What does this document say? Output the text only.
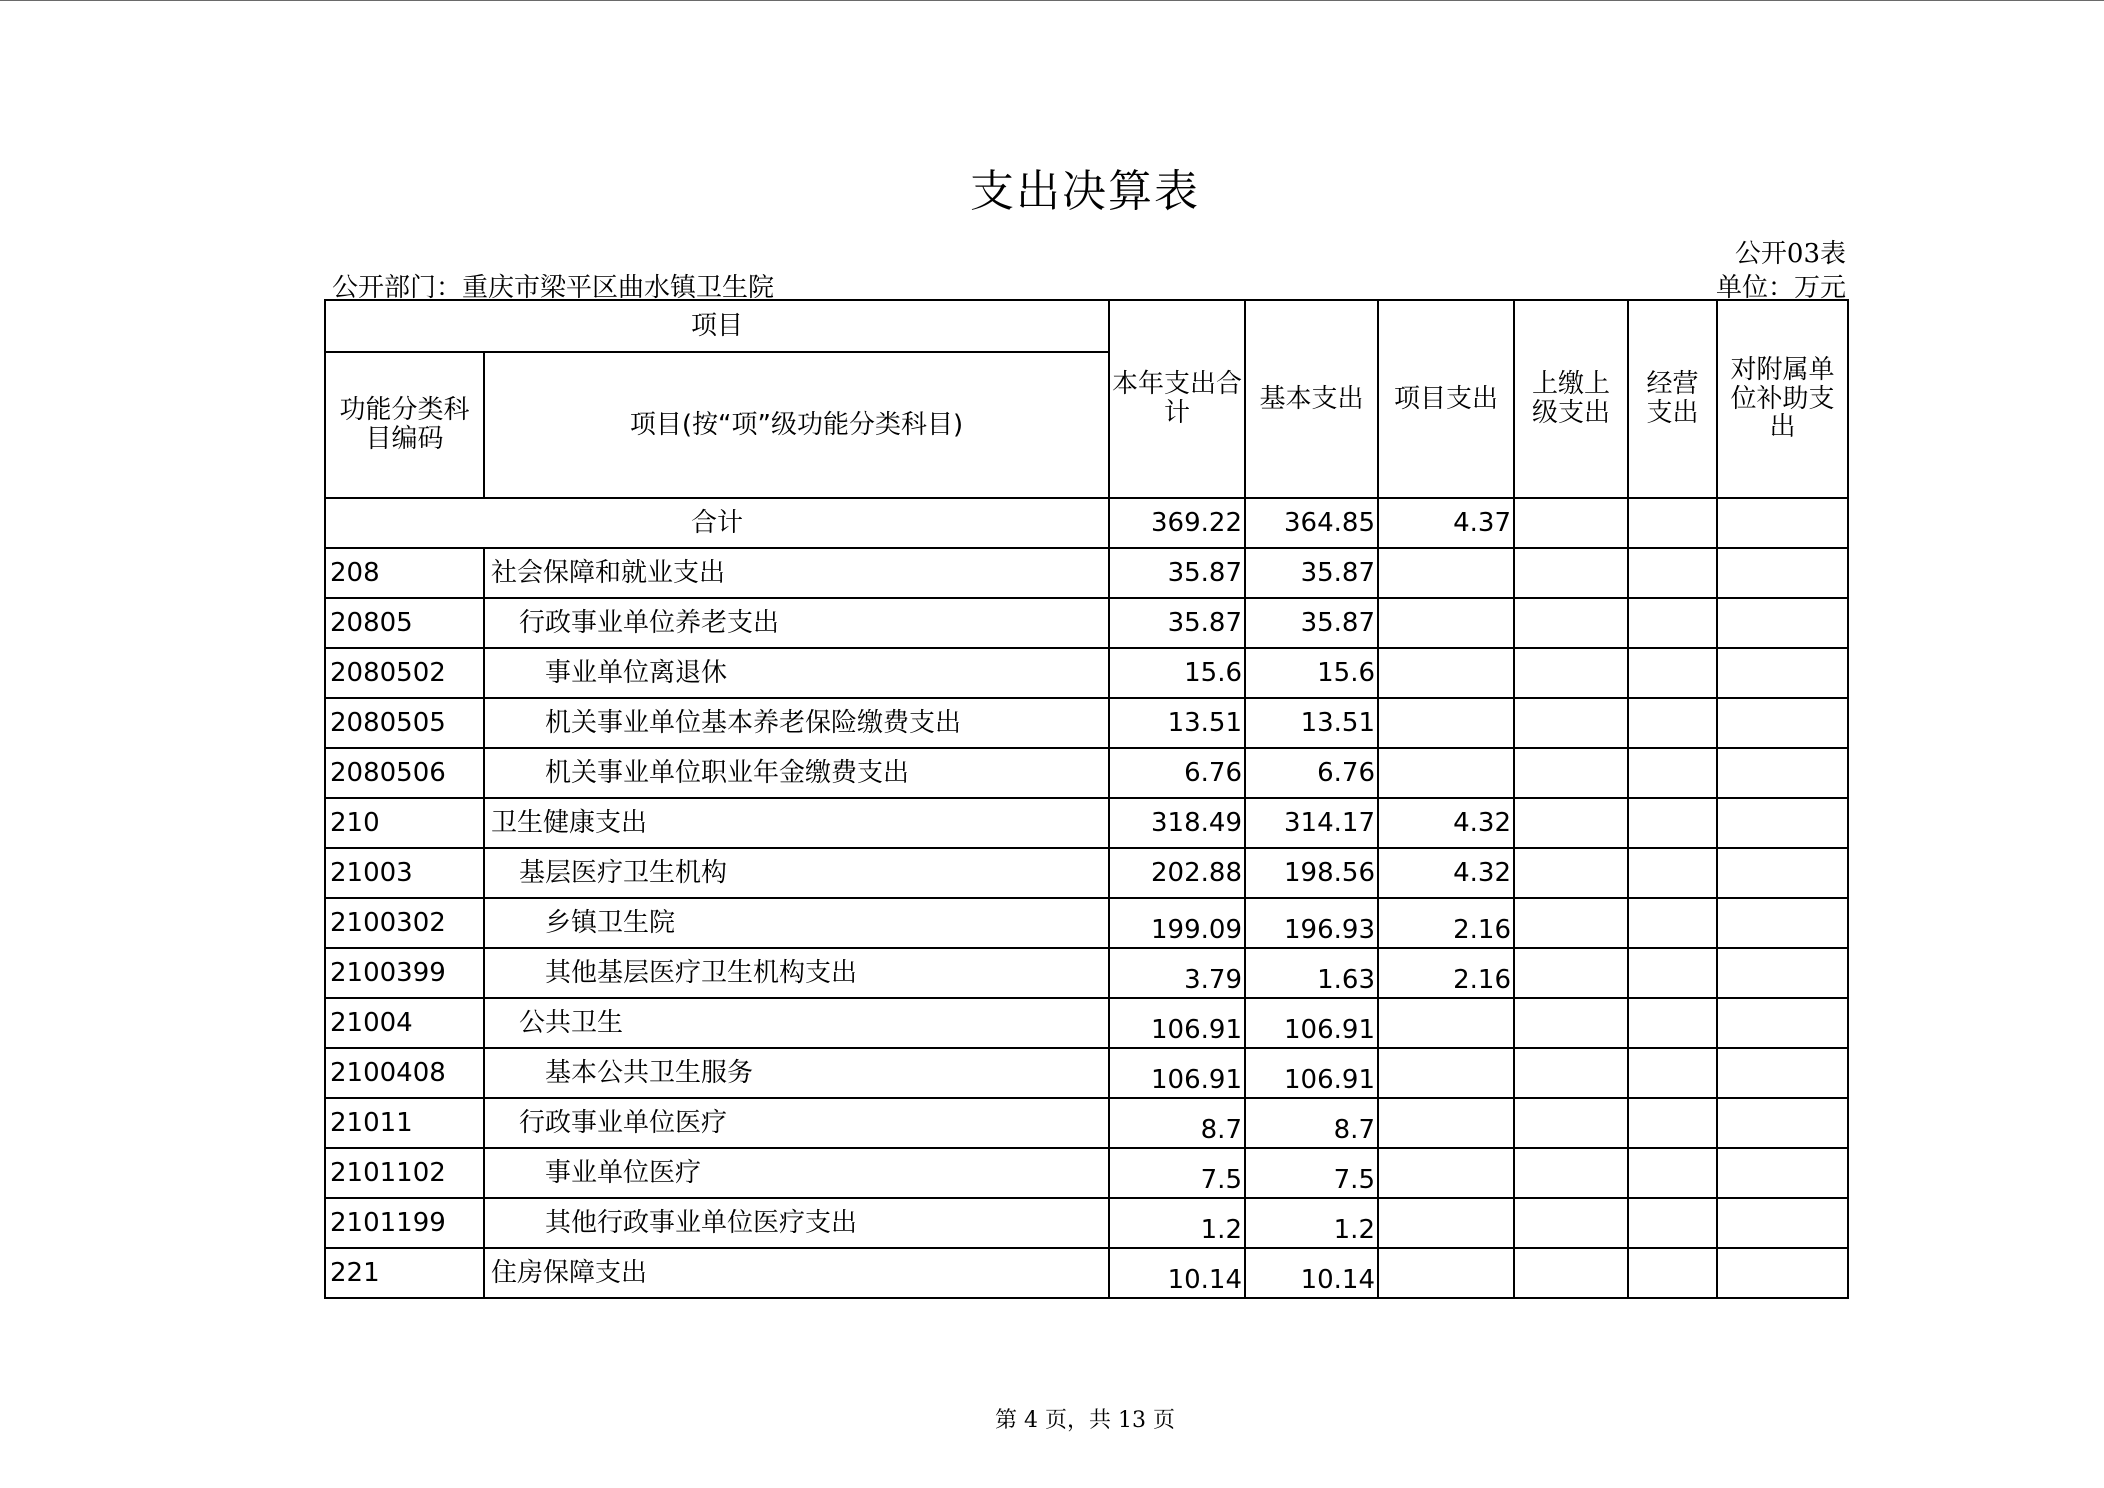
支出决算表
公开03表
单位：万元
公开部门：重庆市梁平区曲水镇卫生院
项目		本年支出合计	基本支出	项目支出	上缴上级支出	经营支出	对附属单位补助支出
功能分类科目编码	项目(按“项”级功能分类科目)						
合计		369.22	364.85	4.37			
208	社会保障和就业支出	35.87	35.87				
20805	行政事业单位养老支出	35.87	35.87				
2080502	事业单位离退休	15.6	15.6				
2080505	机关事业单位基本养老保险缴费支出	13.51	13.51				
2080506	机关事业单位职业年金缴费支出	6.76	6.76				
210	卫生健康支出	318.49	314.17	4.32			
21003	基层医疗卫生机构	202.88	198.56	4.32			
2100302	乡镇卫生院	199.09	196.93	2.16			
2100399	其他基层医疗卫生机构支出	3.79	1.63	2.16			
21004	公共卫生	106.91	106.91				
2100408	基本公共卫生服务	106.91	106.91				
21011	行政事业单位医疗	8.7	8.7				
2101102	事业单位医疗	7.5	7.5				
2101199	其他行政事业单位医疗支出	1.2	1.2				
221	住房保障支出	10.14	10.14				
第 4 页，共 13 页
